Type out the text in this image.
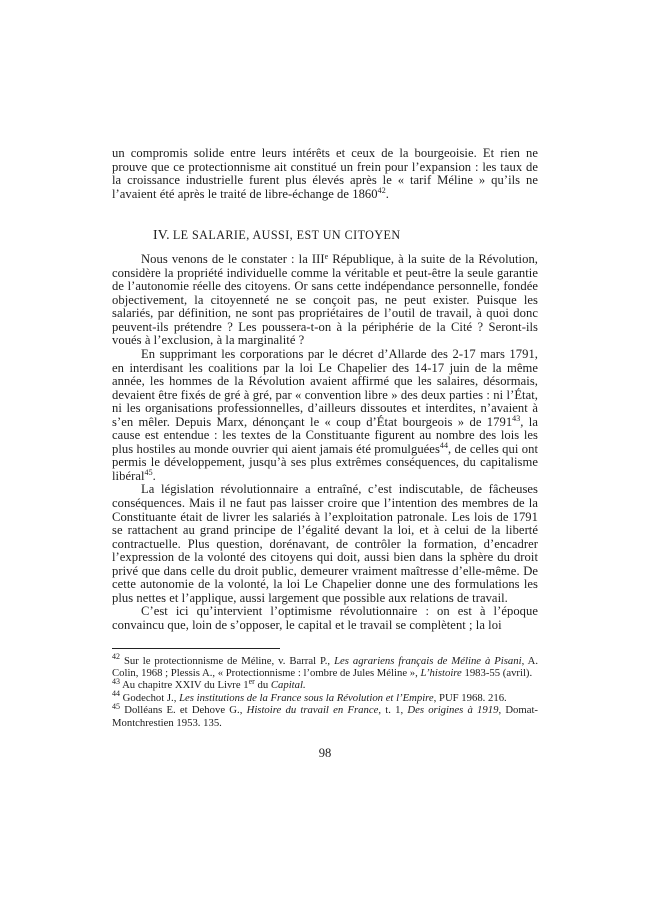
un compromis solide entre leurs intérêts et ceux de la bourgeoisie. Et rien ne prouve que ce protectionnisme ait constitué un frein pour l’expansion : les taux de la croissance industrielle furent plus élevés après le « tarif Méline » qu’ils ne l’avaient été après le traité de libre-échange de 1860$^{42}$.

IV. LE SALARIE, AUSSI, EST UN CITOYEN

Nous venons de le constater : la IIIe République, à la suite de la Révolution, considère la propriété individuelle comme la véritable et peut-être la seule garantie de l’autonomie réelle des citoyens. Or sans cette indépendance personnelle, fondée objectivement, la citoyenneté ne se conçoit pas, ne peut exister. Puisque les salariés, par définition, ne sont pas propriétaires de l’outil de travail, à quoi donc peuvent-ils prétendre ? Les poussera-t-on à la périphérie de la Cité ? Seront-ils voués à l’exclusion, à la marginalité ?

En supprimant les corporations par le décret d’Allarde des 2-17 mars 1791, en interdisant les coalitions par la loi Le Chapelier des 14-17 juin de la même année, les hommes de la Révolution avaient affirmé que les salaires, désormais, devaient être fixés de gré à gré, par « convention libre » des deux parties : ni l’État, ni les organisations professionnelles, d’ailleurs dissoutes et interdites, n’avaient à s’en mêler. Depuis Marx, dénonçant le « coup d’État bourgeois » de 1791$^{43}$, la cause est entendue : les textes de la Constituante figurent au nombre des lois les plus hostiles au monde ouvrier qui aient jamais été promulguées$^{44}$, de celles qui ont permis le développement, jusqu’à ses plus extrêmes conséquences, du capitalisme libéral$^{45}$.

La législation révolutionnaire a entraîné, c’est indiscutable, de fâcheuses conséquences. Mais il ne faut pas laisser croire que l’intention des membres de la Constituante était de livrer les salariés à l’exploitation patronale. Les lois de 1791 se rattachent au grand principe de l’égalité devant la loi, et à celui de la liberté contractuelle. Plus question, dorénavant, de contrôler la formation, d’encadrer l’expression de la volonté des citoyens qui doit, aussi bien dans la sphère du droit privé que dans celle du droit public, demeurer vraiment maîtresse d’elle-même. De cette autonomie de la volonté, la loi Le Chapelier donne une des formulations les plus nettes et l’applique, aussi largement que possible aux relations de travail.

C’est ici qu’intervient l’optimisme révolutionnaire : on est à l’époque convaincu que, loin de s’opposer, le capital et le travail se complètent ; la loi

$^{42}$ Sur le protectionnisme de Méline, v. Barral P., Les agrariens français de Méline à Pisani, A. Colin, 1968 ; Plessis A., « Protectionnisme : l’ombre de Jules Méline », L’histoire 1983-55 (avril).

$^{43}$ Au chapitre XXIV du Livre 1er du Capital.

$^{44}$ Godechot J., Les institutions de la France sous la Révolution et l’Empire, PUF 1968. 216.

$^{45}$ Dolléans E. et Dehove G., Histoire du travail en France, t. 1, Des origines à 1919, Domat-Montchrestien 1953. 135.

98
